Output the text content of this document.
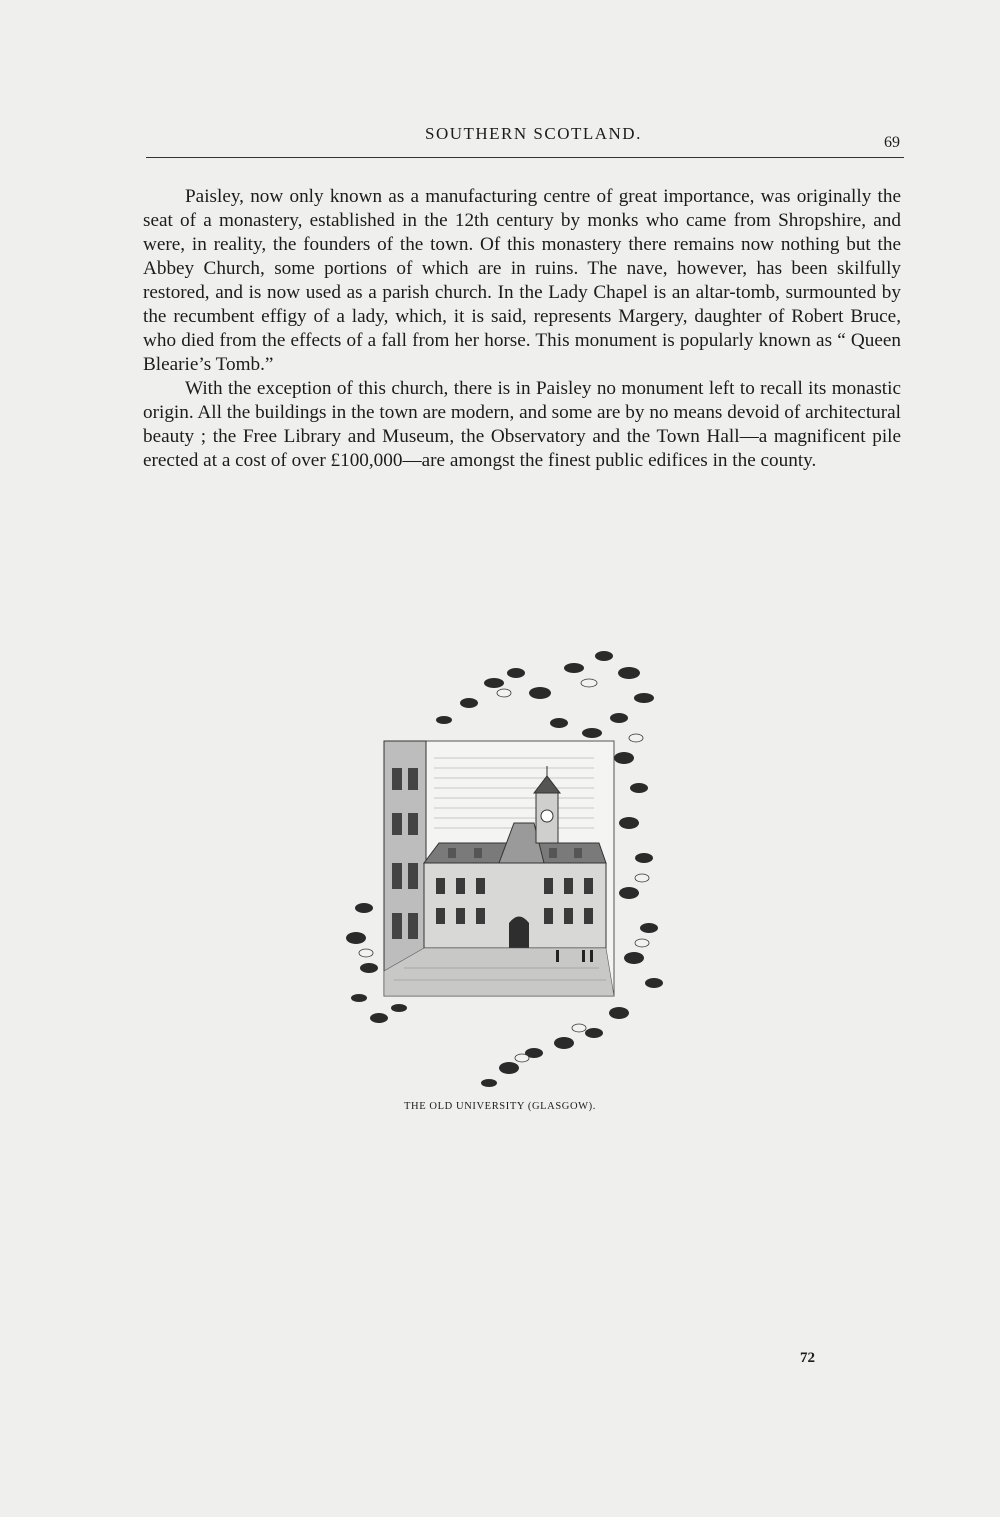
SOUTHERN SCOTLAND.	69

Paisley, now only known as a manufacturing centre of great importance, was originally the seat of a monastery, established in the 12th century by monks who came from Shropshire, and were, in reality, the founders of the town. Of this monastery there remains now nothing but the Abbey Church, some portions of which are in ruins. The nave, however, has been skilfully restored, and is now used as a parish church. In the Lady Chapel is an altar-tomb, surmounted by the recumbent effigy of a lady, which, it is said, represents Margery, daughter of Robert Bruce, who died from the effects of a fall from her horse. This monument is popularly known as “ Queen Blearie’s Tomb.”

With the exception of this church, there is in Paisley no monument left to recall its monastic origin. All the buildings in the town are modern, and some are by no means devoid of architectural beauty ; the Free Library and Museum, the Observatory and the Town Hall—a magnificent pile erected at a cost of over £100,000—are amongst the finest public edifices in the county.

THE OLD UNIVERSITY (GLASGOW).
72
